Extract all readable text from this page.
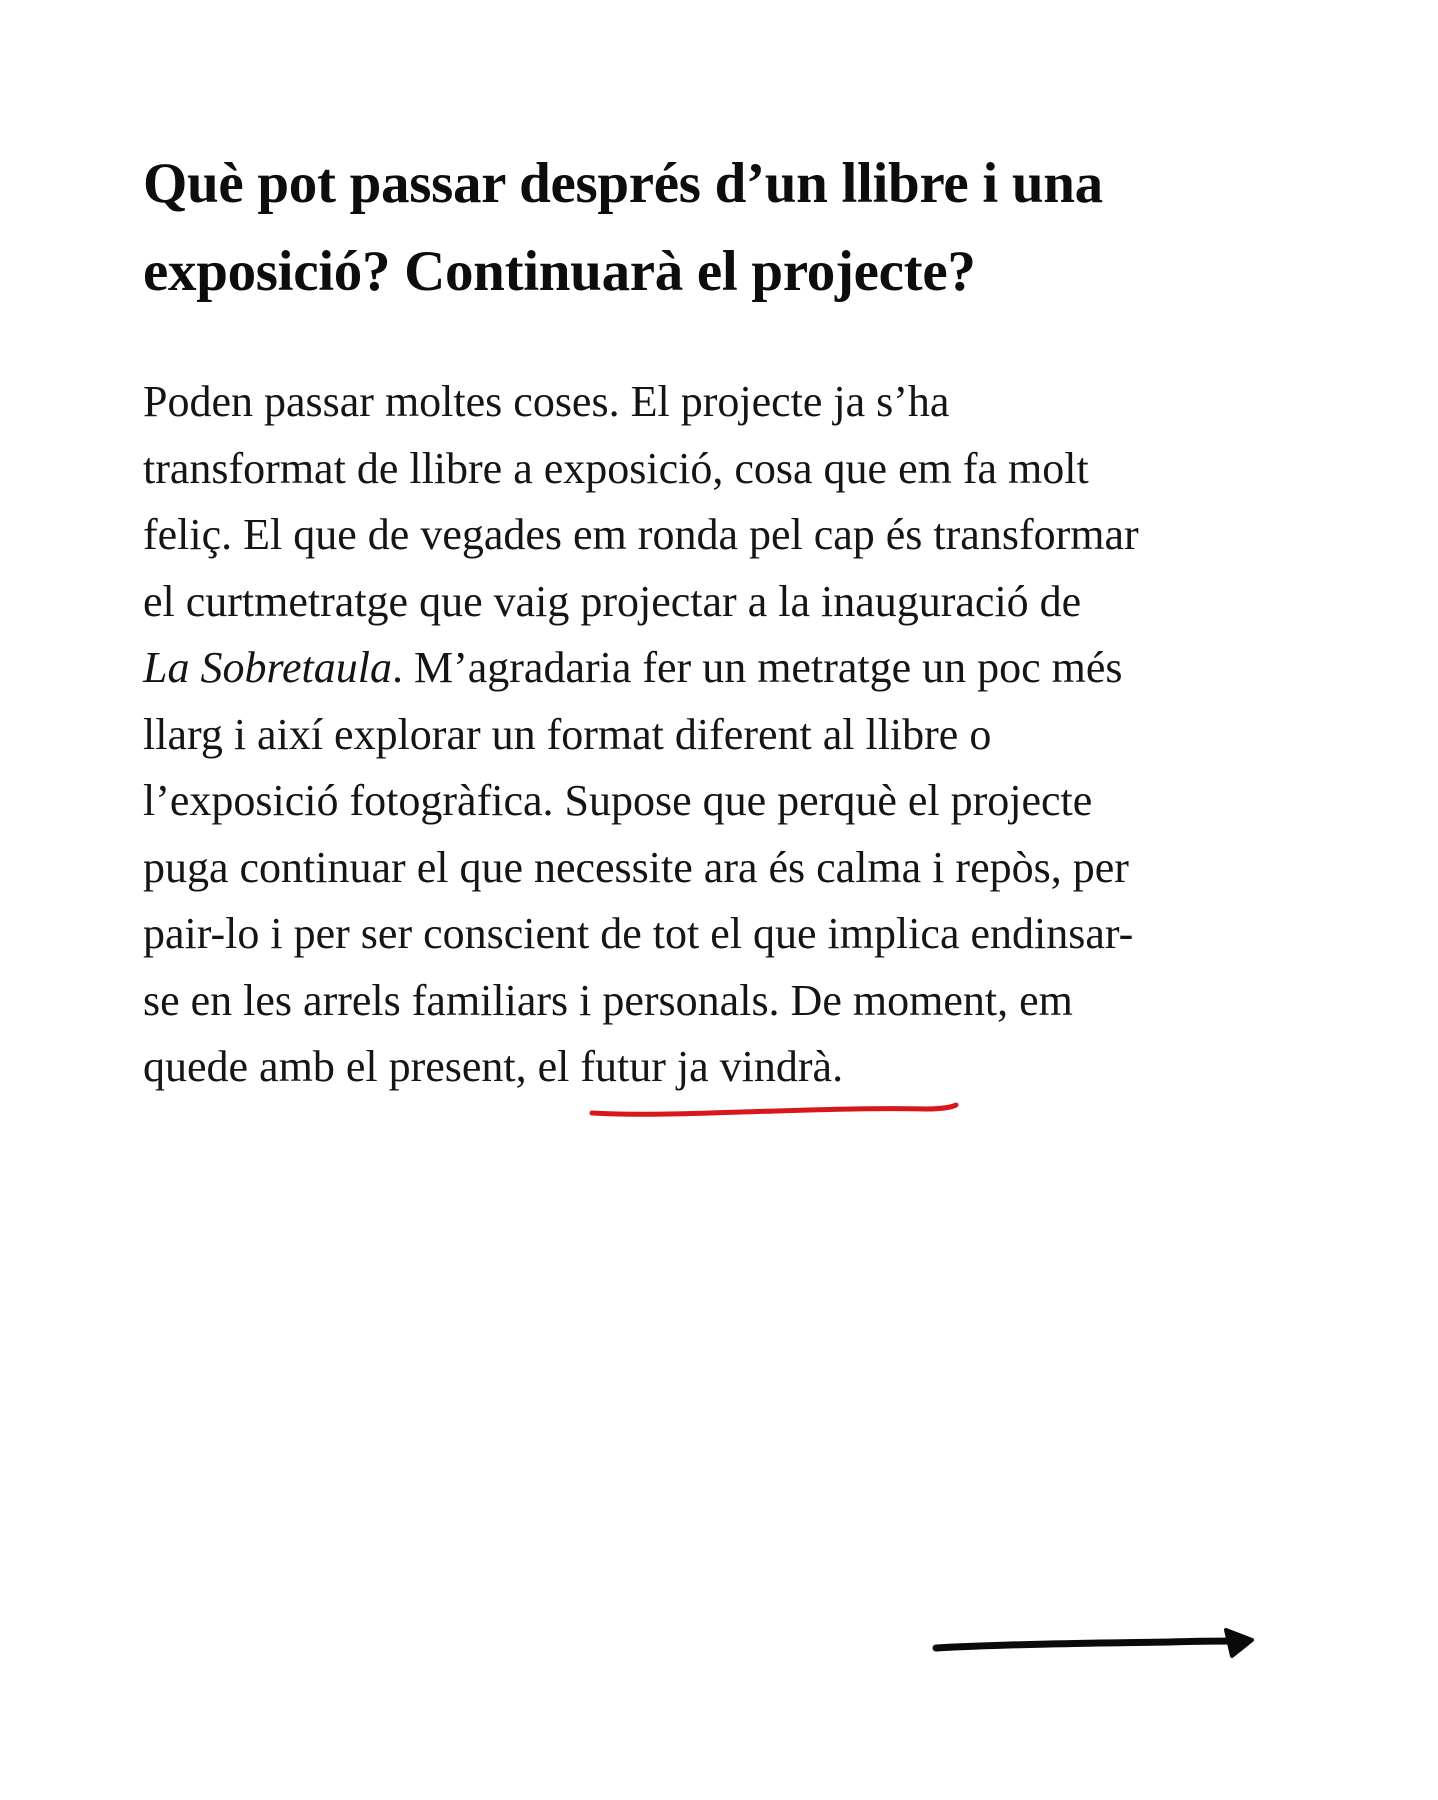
Què pot passar després d’un llibre i una
exposició? Continuarà el projecte?

Poden passar moltes coses. El projecte ja s’ha
transformat de llibre a exposició, cosa que em fa molt
feliç. El que de vegades em ronda pel cap és transformar
el curtmetratge que vaig projectar a la inauguració de
La Sobretaula. M’agradaria fer un metratge un poc més
llarg i així explorar un format diferent al llibre o
l’exposició fotogràfica. Supose que perquè el projecte
puga continuar el que necessite ara és calma i repòs, per
pair-lo i per ser conscient de tot el que implica endinsar-
se en les arrels familiars i personals. De moment, em
quede amb el present, el futur ja vindrà.
